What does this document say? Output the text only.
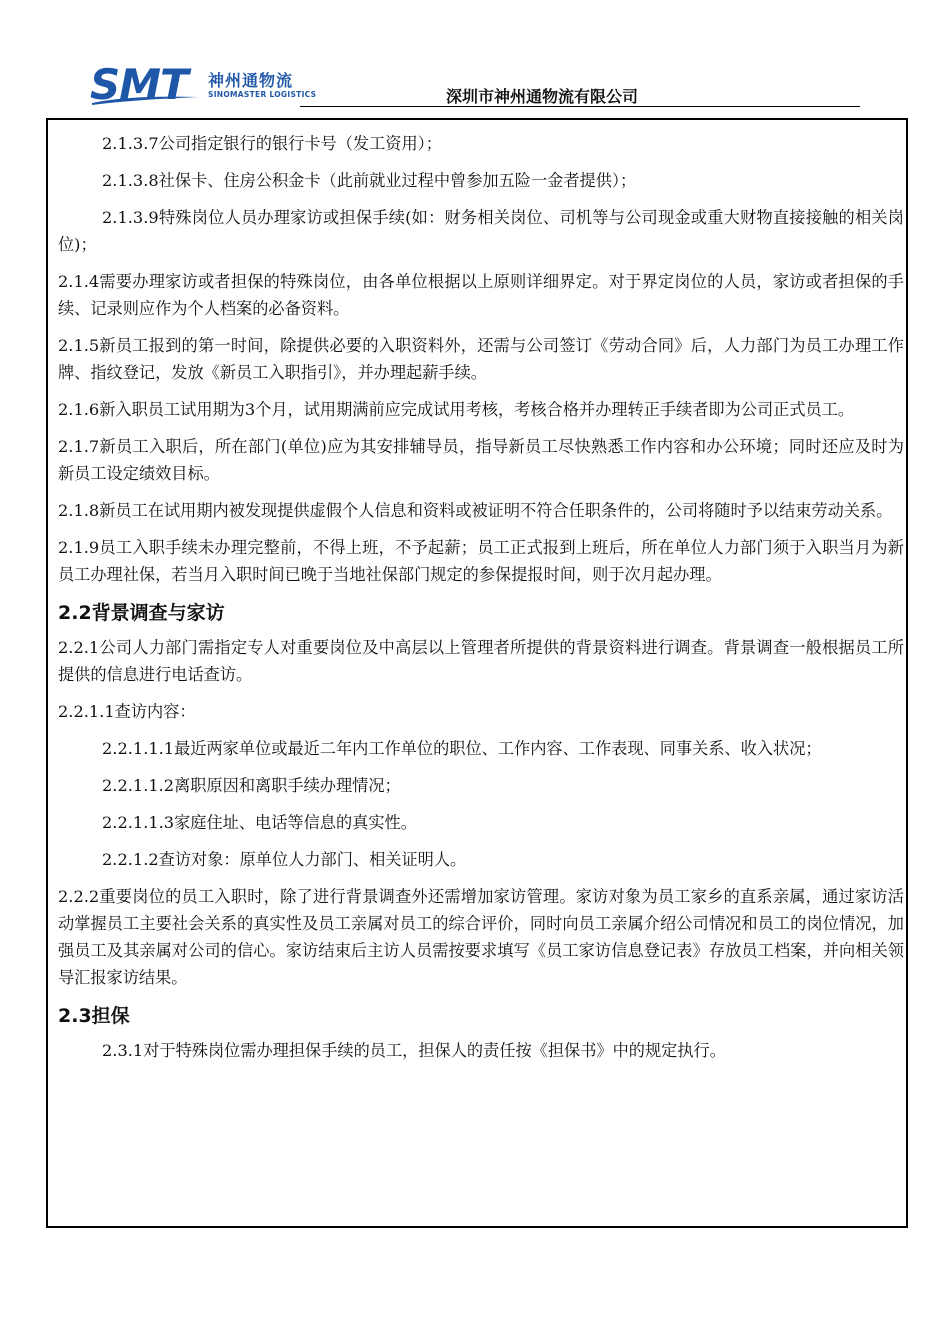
SMT 神州通物流
SINOMASTER LOGISTICS	深圳市神州通物流有限公司

2.1.3.7公司指定银行的银行卡号（发工资用）；

2.1.3.8社保卡、住房公积金卡（此前就业过程中曾参加五险一金者提供）；

2.1.3.9特殊岗位人员办理家访或担保手续(如：财务相关岗位、司机等与公司现金或重大财物直接接触的相关岗位)；

2.1.4需要办理家访或者担保的特殊岗位，由各单位根据以上原则详细界定。对于界定岗位的人员，家访或者担保的手续、记录则应作为个人档案的必备资料。

2.1.5新员工报到的第一时间，除提供必要的入职资料外，还需与公司签订《劳动合同》后，人力部门为员工办理工作牌、指纹登记，发放《新员工入职指引》，并办理起薪手续。

2.1.6新入职员工试用期为3个月，试用期满前应完成试用考核，考核合格并办理转正手续者即为公司正式员工。

2.1.7新员工入职后，所在部门(单位)应为其安排辅导员，指导新员工尽快熟悉工作内容和办公环境；同时还应及时为新员工设定绩效目标。

2.1.8新员工在试用期内被发现提供虚假个人信息和资料或被证明不符合任职条件的，公司将随时予以结束劳动关系。

2.1.9员工入职手续未办理完整前，不得上班，不予起薪；员工正式报到上班后，所在单位人力部门须于入职当月为新员工办理社保，若当月入职时间已晚于当地社保部门规定的参保提报时间，则于次月起办理。

2.2背景调查与家访

2.2.1公司人力部门需指定专人对重要岗位及中高层以上管理者所提供的背景资料进行调查。背景调查一般根据员工所提供的信息进行电话查访。

2.2.1.1查访内容：

2.2.1.1.1最近两家单位或最近二年内工作单位的职位、工作内容、工作表现、同事关系、收入状况；

2.2.1.1.2离职原因和离职手续办理情况；

2.2.1.1.3家庭住址、电话等信息的真实性。

2.2.1.2查访对象：原单位人力部门、相关证明人。

2.2.2重要岗位的员工入职时，除了进行背景调查外还需增加家访管理。家访对象为员工家乡的直系亲属，通过家访活动掌握员工主要社会关系的真实性及员工亲属对员工的综合评价，同时向员工亲属介绍公司情况和员工的岗位情况，加强员工及其亲属对公司的信心。家访结束后主访人员需按要求填写《员工家访信息登记表》存放员工档案，并向相关领导汇报家访结果。

2.3担保

2.3.1对于特殊岗位需办理担保手续的员工，担保人的责任按《担保书》中的规定执行。
